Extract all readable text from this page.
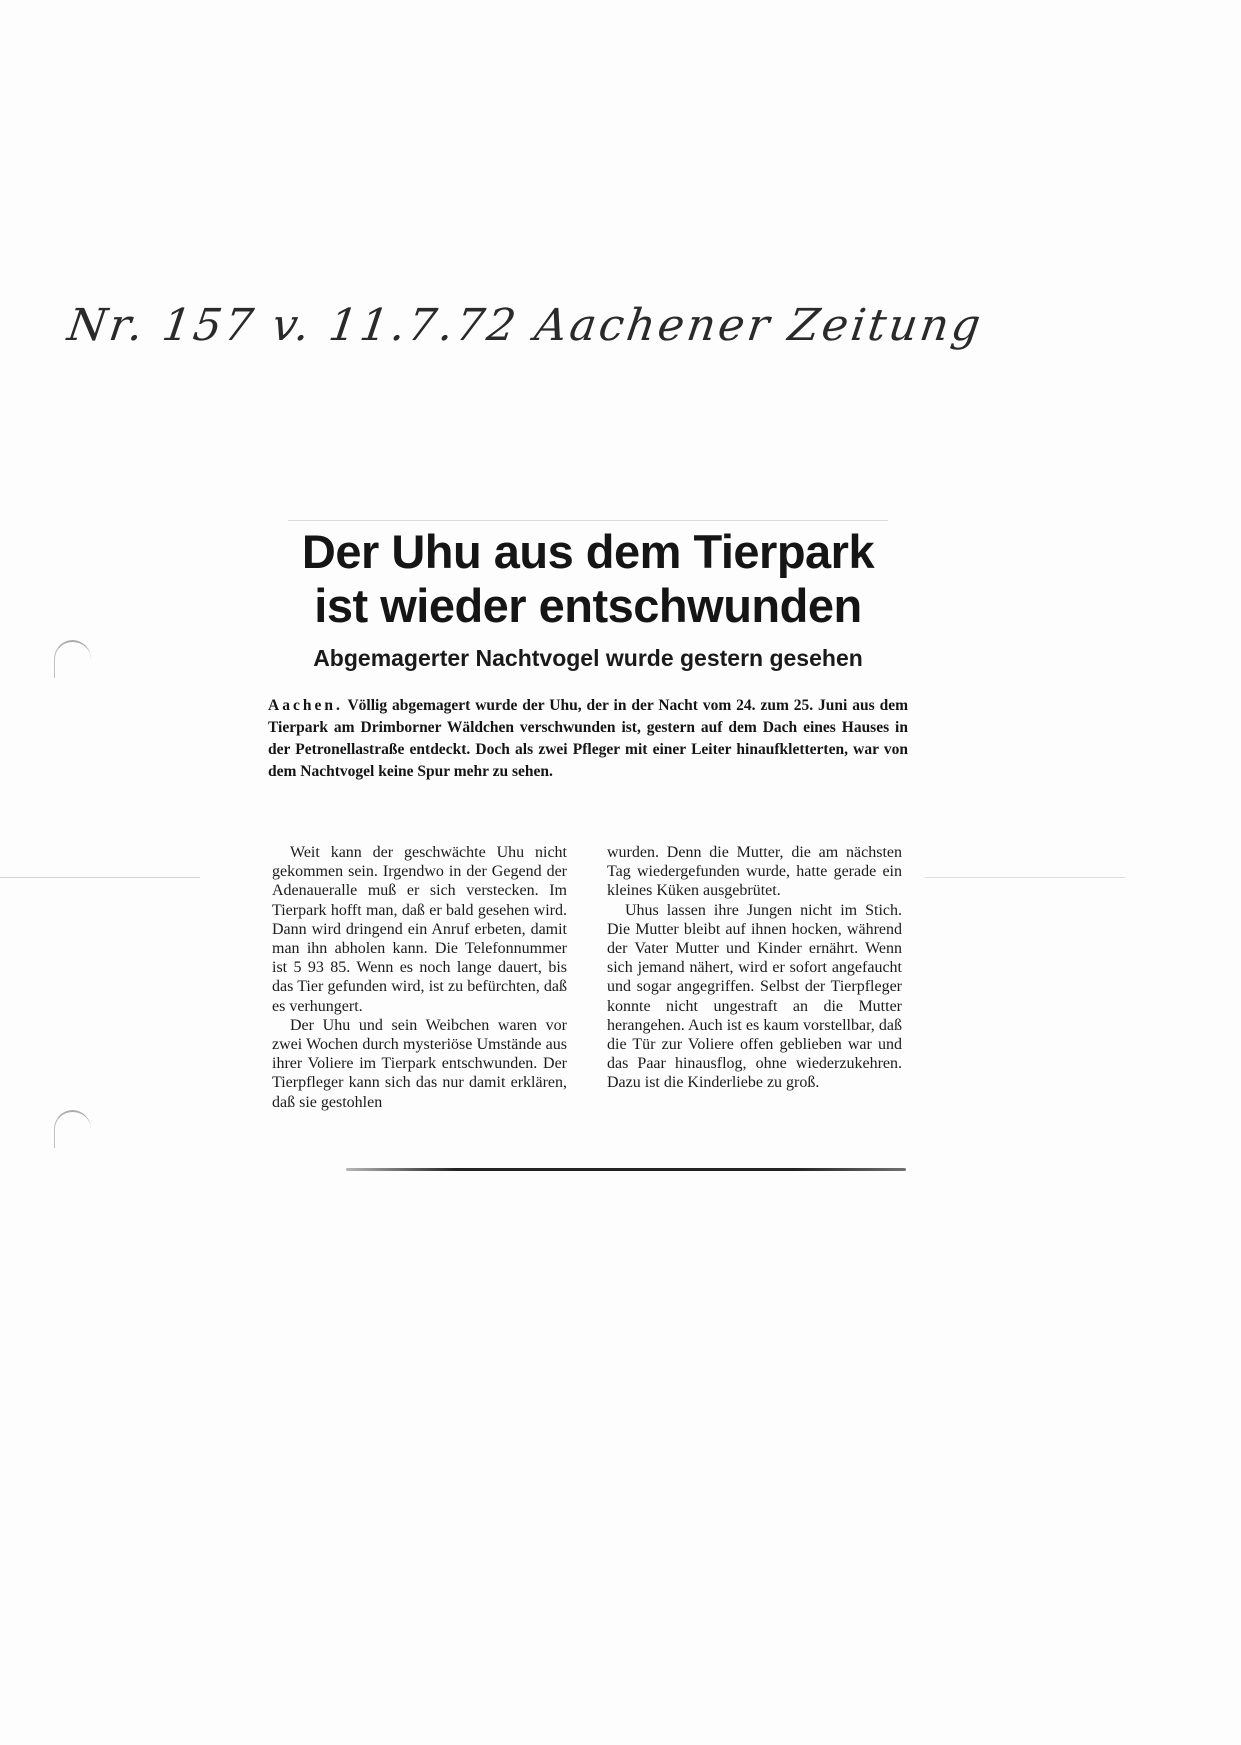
Nr. 157 v. 11.7.72 Aachener Zeitung
Der Uhu aus dem Tierpark
ist wieder entschwunden

Abgemagerter Nachtvogel wurde gestern gesehen

Aachen. Völlig abgemagert wurde der Uhu, der in der Nacht vom 24. zum 25. Juni aus dem Tierpark am Drimborner Wäldchen verschwunden ist, gestern auf dem Dach eines Hauses in der Petronellastraße entdeckt. Doch als zwei Pfleger mit einer Leiter hinaufkletterten, war von dem Nachtvogel keine Spur mehr zu sehen.

Weit kann der geschwächte Uhu nicht gekommen sein. Irgendwo in der Gegend der Adenaueralle muß er sich verstecken. Im Tierpark hofft man, daß er bald gesehen wird. Dann wird dringend ein Anruf erbeten, damit man ihn abholen kann. Die Telefonnummer ist 5 93 85. Wenn es noch lange dauert, bis das Tier gefunden wird, ist zu befürchten, daß es verhungert.

Der Uhu und sein Weibchen waren vor zwei Wochen durch mysteriöse Umstände aus ihrer Voliere im Tierpark entschwunden. Der Tierpfleger kann sich das nur damit erklären, daß sie gestohlen

wurden. Denn die Mutter, die am nächsten Tag wiedergefunden wurde, hatte gerade ein kleines Küken ausgebrütet.

Uhus lassen ihre Jungen nicht im Stich. Die Mutter bleibt auf ihnen hocken, während der Vater Mutter und Kinder ernährt. Wenn sich jemand nähert, wird er sofort angefaucht und sogar angegriffen. Selbst der Tierpfleger konnte nicht ungestraft an die Mutter herangehen. Auch ist es kaum vorstellbar, daß die Tür zur Voliere offen geblieben war und das Paar hinausflog, ohne wiederzukehren. Dazu ist die Kinderliebe zu groß.
